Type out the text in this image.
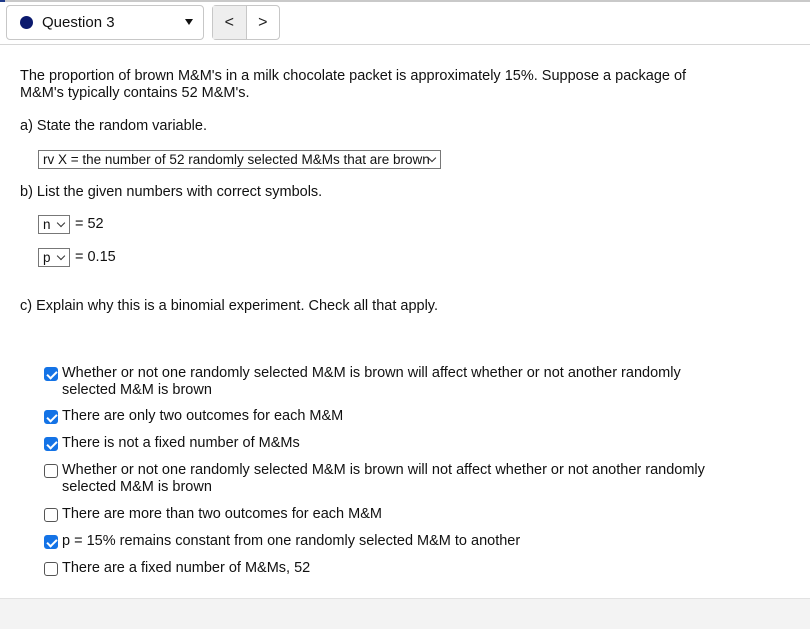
Question 3	< >
The proportion of brown M&M's in a milk chocolate packet is approximately 15%. Suppose a package of M&M's typically contains 52 M&M's.
a) State the random variable.
rv X = the number of 52 randomly selected M&Ms that are brown
b) List the given numbers with correct symbols.
n = 52
p = 0.15
c) Explain why this is a binomial experiment. Check all that apply.
Whether or not one randomly selected M&M is brown will affect whether or not another randomly selected M&M is brown
There are only two outcomes for each M&M
There is not a fixed number of M&Ms
Whether or not one randomly selected M&M is brown will not affect whether or not another randomly selected M&M is brown
There are more than two outcomes for each M&M
p = 15% remains constant from one randomly selected M&M to another
There are a fixed number of M&Ms, 52
